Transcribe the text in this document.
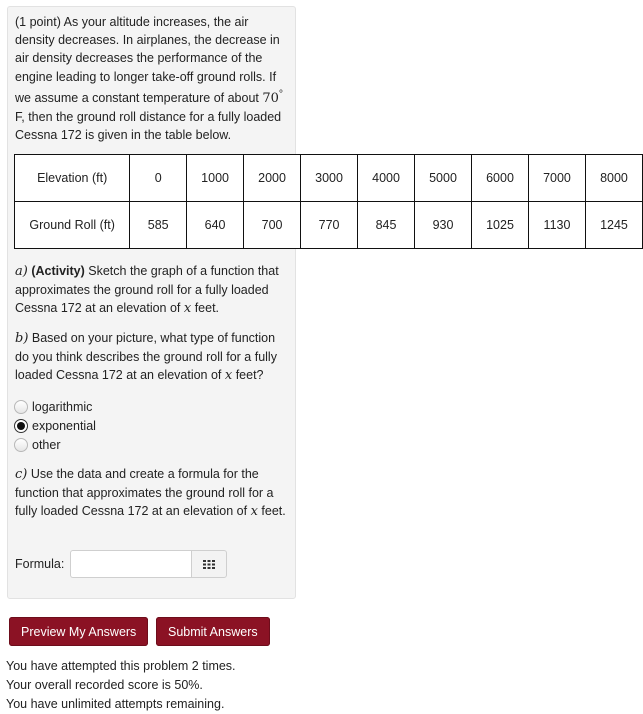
(1 point) As your altitude increases, the air density decreases. In airplanes, the decrease in air density decreases the performance of the engine leading to longer take-off ground rolls. If we assume a constant temperature of about 70° F, then the ground roll distance for a fully loaded Cessna 172 is given in the table below.

Elevation (ft)	0	1000	2000	3000	4000	5000	6000	7000	8000
Ground Roll (ft)	585	640	700	770	845	930	1025	1130	1245

a) (Activity) Sketch the graph of a function that approximates the ground roll for a fully loaded Cessna 172 at an elevation of x feet.

b) Based on your picture, what type of function do you think describes the ground roll for a fully loaded Cessna 172 at an elevation of x feet?

logarithmic
exponential
other

c) Use the data and create a formula for the function that approximates the ground roll for a fully loaded Cessna 172 at an elevation of x feet.

Formula:
Preview My Answers	Submit Answers

You have attempted this problem 2 times.

Your overall recorded score is 50%.

You have unlimited attempts remaining.
